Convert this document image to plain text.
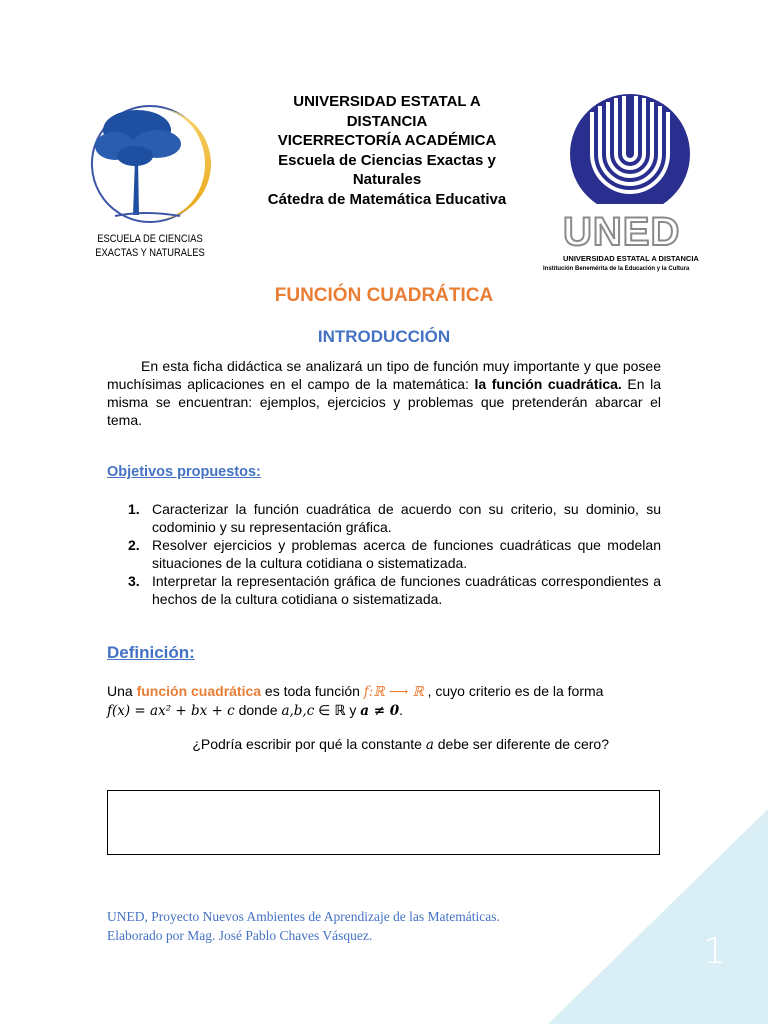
ESCUELA DE CIENCIAS
EXACTAS Y NATURALES
UNIVERSIDAD ESTATAL A
DISTANCIA
VICERRECTORÍA ACADÉMICA
Escuela de Ciencias Exactas y
Naturales
Cátedra de Matemática Educativa
UNED
UNIVERSIDAD ESTATAL A DISTANCIA
Institución Benemérita de la Educación y la Cultura
FUNCIÓN CUADRÁTICA
INTRODUCCIÓN
En esta ficha didáctica se analizará un tipo de función muy importante y que posee muchísimas aplicaciones en el campo de la matemática: la función cuadrática. En la misma se encuentran: ejemplos, ejercicios y problemas que pretenderán abarcar el tema.
Objetivos propuestos:
1. Caracterizar la función cuadrática de acuerdo con su criterio, su dominio, su codominio y su representación gráfica.
2. Resolver ejercicios y problemas acerca de funciones cuadráticas que modelan situaciones de la cultura cotidiana o sistematizada.
3. Interpretar la representación gráfica de funciones cuadráticas correspondientes a hechos de la cultura cotidiana o sistematizada.
Definición:
Una función cuadrática es toda función f:ℝ ⟶ ℝ , cuyo criterio es de la forma
f(x) = ax² + bx + c donde a,b,c ∈ ℝ y a ≠ 0.
¿Podría escribir por qué la constante a debe ser diferente de cero?
UNED, Proyecto Nuevos Ambientes de Aprendizaje de las Matemáticas.
Elaborado por Mag. José Pablo Chaves Vásquez.	1
